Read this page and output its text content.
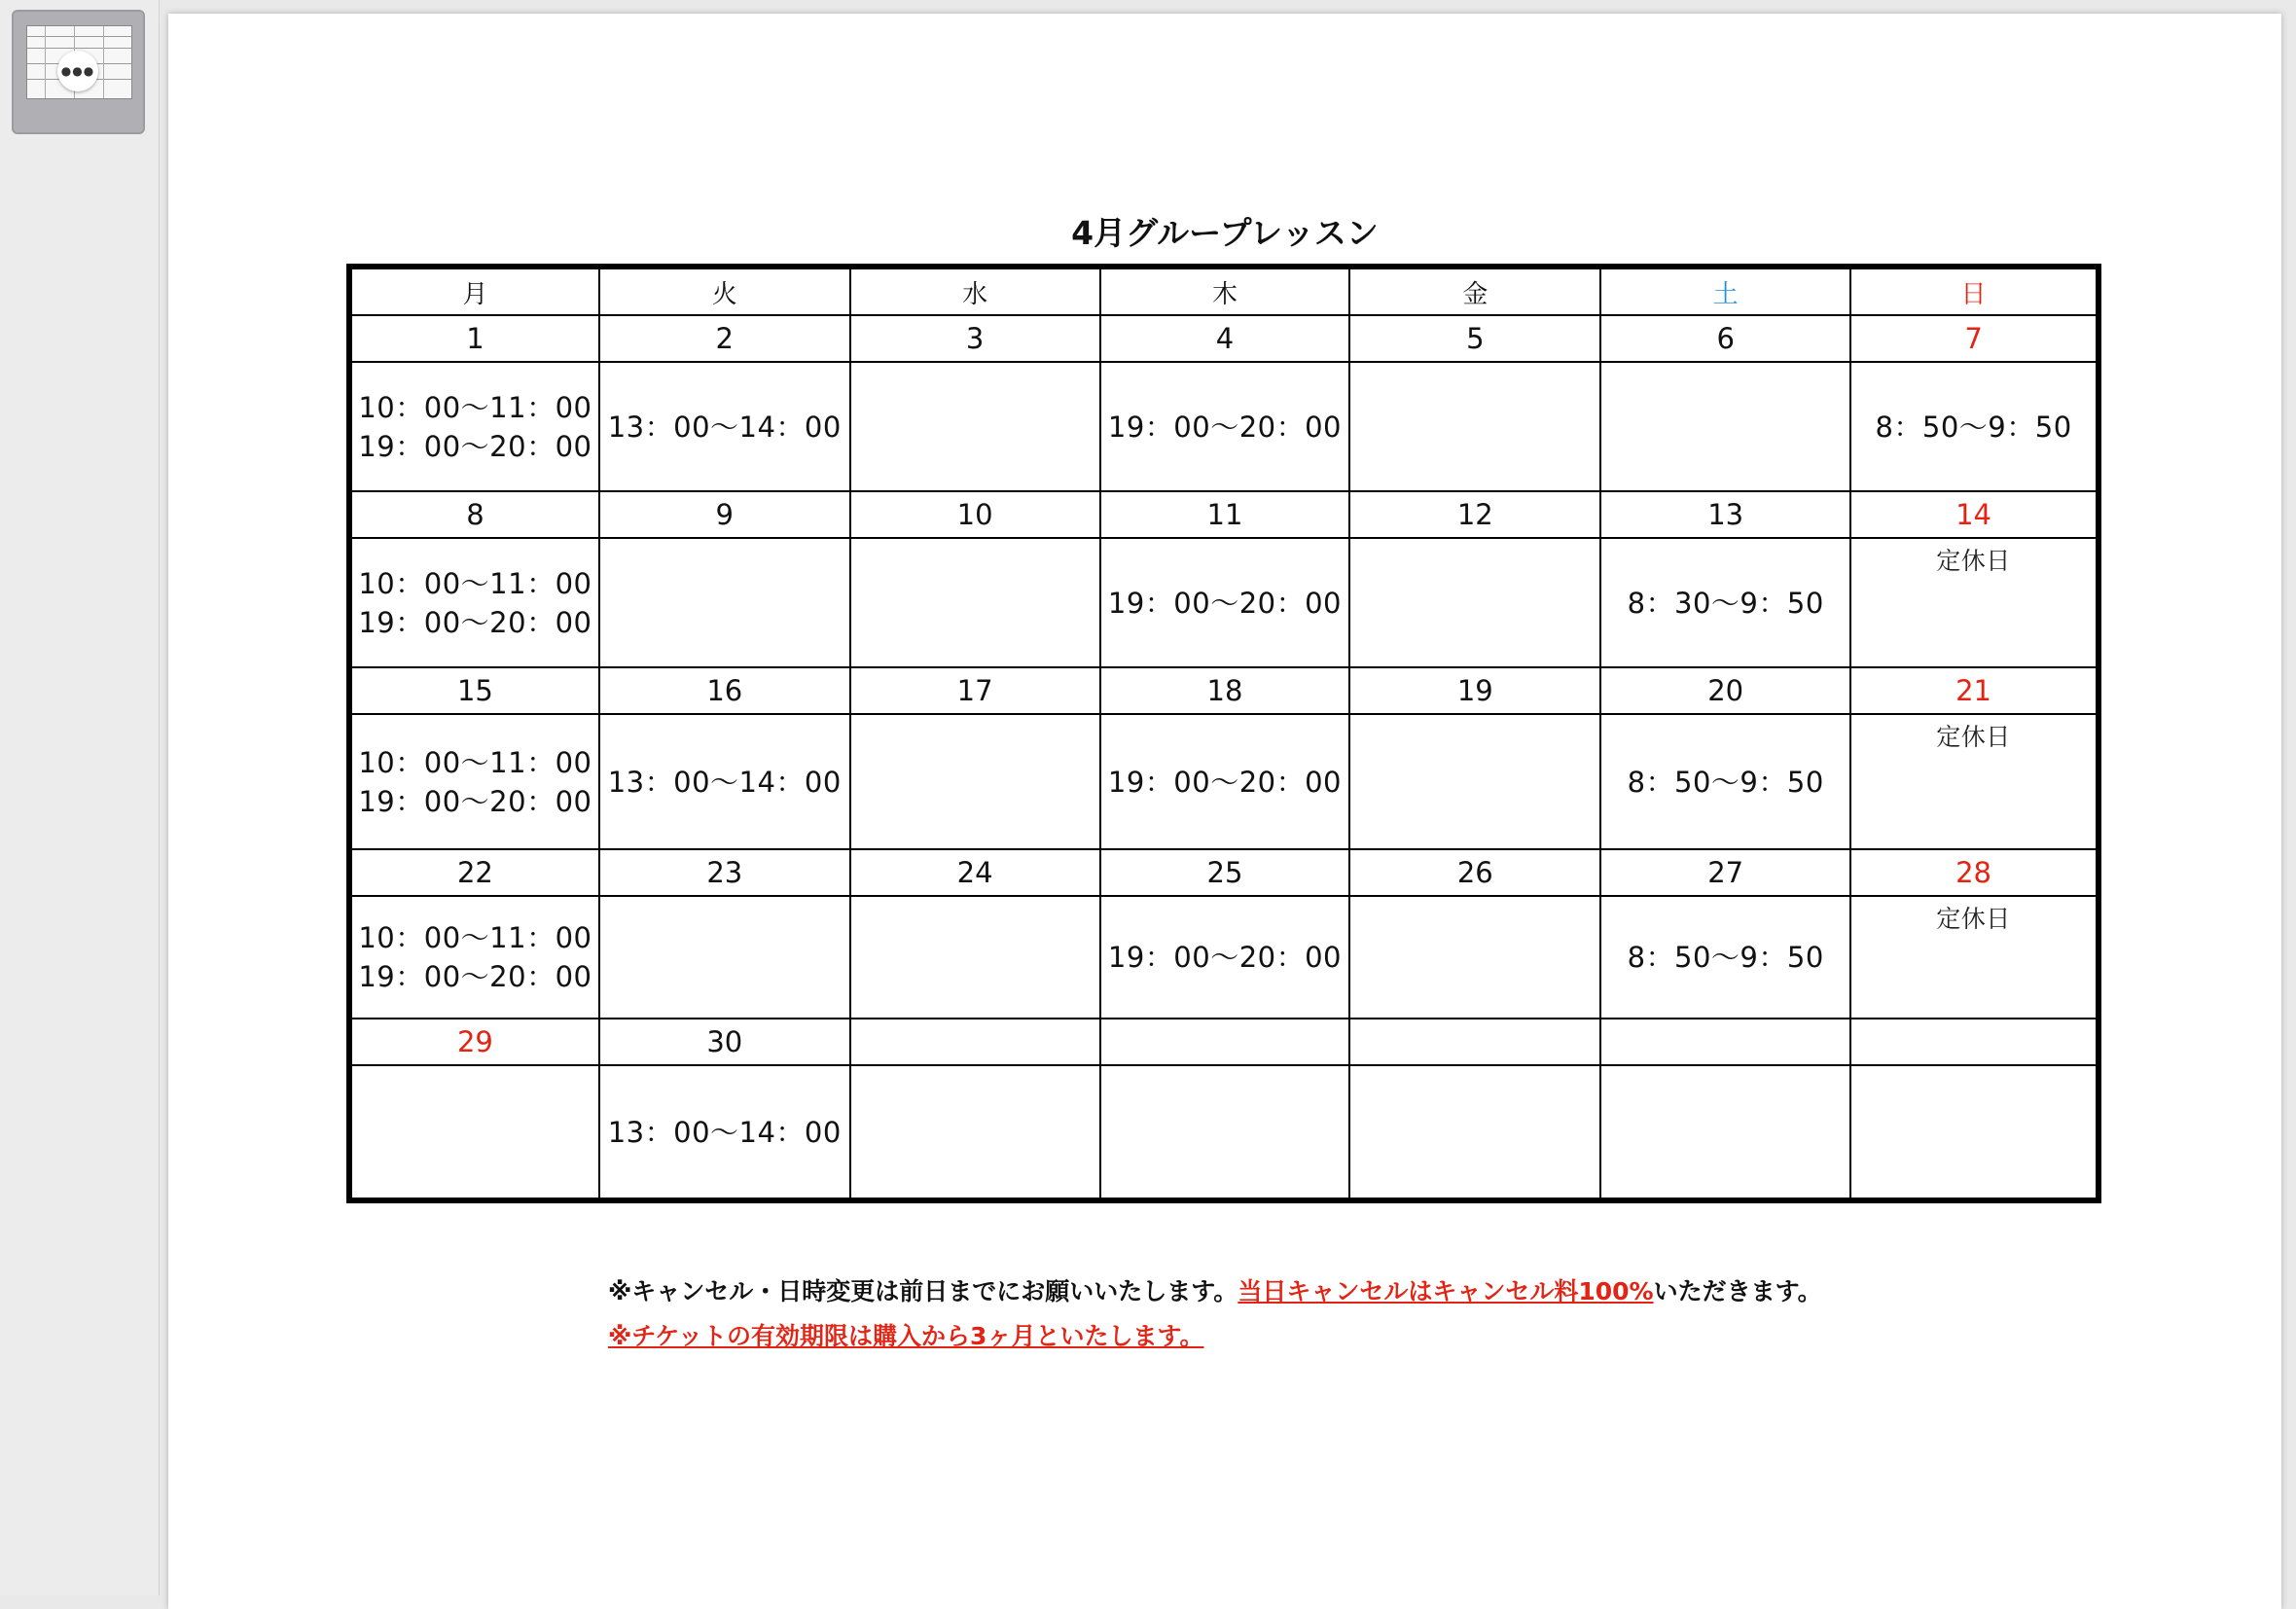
●●●
4月グループレッスン
月	火	水	木	金	土	日
1	2	3	4	5	6	7

10：00〜11：00
19：00〜20：00	13：00〜14：00		19：00〜20：00			8：50〜9：50

8	9	10	11	12	13	14

10：00〜11：00
19：00〜20：00			19：00〜20：00		8：30〜9：50	定休日

15	16	17	18	19	20	21

10：00〜11：00
19：00〜20：00	13：00〜14：00		19：00〜20：00		8：50〜9：50	定休日

22	23	24	25	26	27	28

10：00〜11：00
19：00〜20：00			19：00〜20：00		8：50〜9：50	定休日

29	30					

	13：00〜14：00					

※キャンセル・日時変更は前日までにお願いいたします。当日キャンセルはキャンセル料100%いただきます。
※チケットの有効期限は購入から3ヶ月といたします。
